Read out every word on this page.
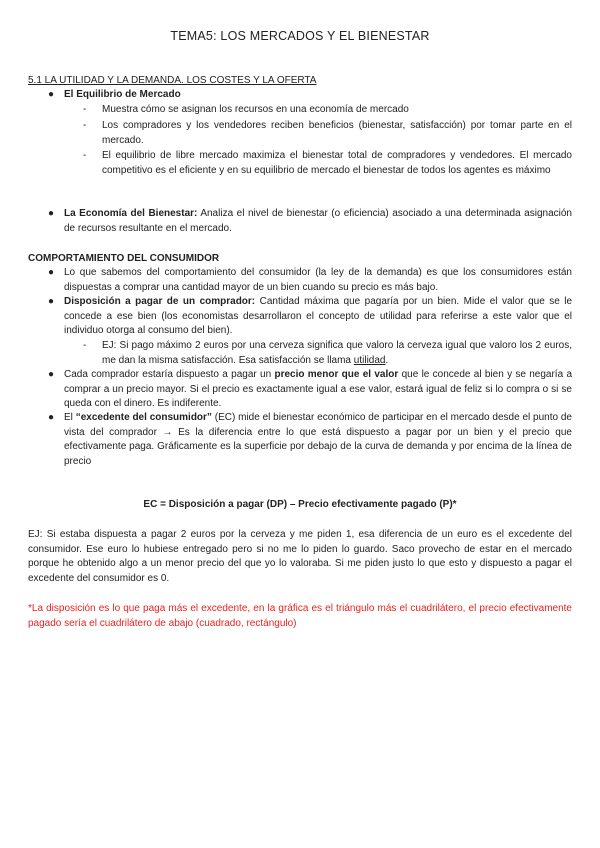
TEMA5: LOS MERCADOS Y EL BIENESTAR
5.1 LA UTILIDAD Y LA DEMANDA. LOS COSTES Y LA OFERTA
● El Equilibrio de Mercado
- Muestra cómo se asignan los recursos en una economía de mercado
- Los compradores y los vendedores reciben beneficios (bienestar, satisfacción) por tomar parte en el mercado.
- El equilibrio de libre mercado maximiza el bienestar total de compradores y vendedores. El mercado competitivo es el eficiente y en su equilibrio de mercado el bienestar de todos los agentes es máximo
● La Economía del Bienestar: Analiza el nivel de bienestar (o eficiencia) asociado a una determinada asignación de recursos resultante en el mercado.
COMPORTAMIENTO DEL CONSUMIDOR
● Lo que sabemos del comportamiento del consumidor (la ley de la demanda) es que los consumidores están dispuestas a comprar una cantidad mayor de un bien cuando su precio es más bajo.
● Disposición a pagar de un comprador: Cantidad máxima que pagaría por un bien. Mide el valor que se le concede a ese bien (los economistas desarrollaron el concepto de utilidad para referirse a este valor que el individuo otorga al consumo del bien).
- EJ: Si pago máximo 2 euros por una cerveza significa que valoro la cerveza igual que valoro los 2 euros, me dan la misma satisfacción. Esa satisfacción se llama utilidad.
● Cada comprador estaría dispuesto a pagar un precio menor que el valor que le concede al bien y se negaría a comprar a un precio mayor. Si el precio es exactamente igual a ese valor, estará igual de feliz si lo compra o si se queda con el dinero. Es indiferente.
● El “excedente del consumidor” (EC) mide el bienestar económico de participar en el mercado desde el punto de vista del comprador → Es la diferencia entre lo que está dispuesto a pagar por un bien y el precio que efectivamente paga. Gráficamente es la superficie por debajo de la curva de demanda y por encima de la línea de precio
EC = Disposición a pagar (DP) – Precio efectivamente pagado (P)*
EJ: Si estaba dispuesta a pagar 2 euros por la cerveza y me piden 1, esa diferencia de un euro es el excedente del consumidor. Ese euro lo hubiese entregado pero si no me lo piden lo guardo. Saco provecho de estar en el mercado porque he obtenido algo a un menor precio del que yo lo valoraba. Si me piden justo lo que esto y dispuesto a pagar el excedente del consumidor es 0.
*La disposición es lo que paga más el excedente, en la gráfica es el triángulo más el cuadrilátero, el precio efectivamente pagado sería el cuadrilátero de abajo (cuadrado, rectángulo)
